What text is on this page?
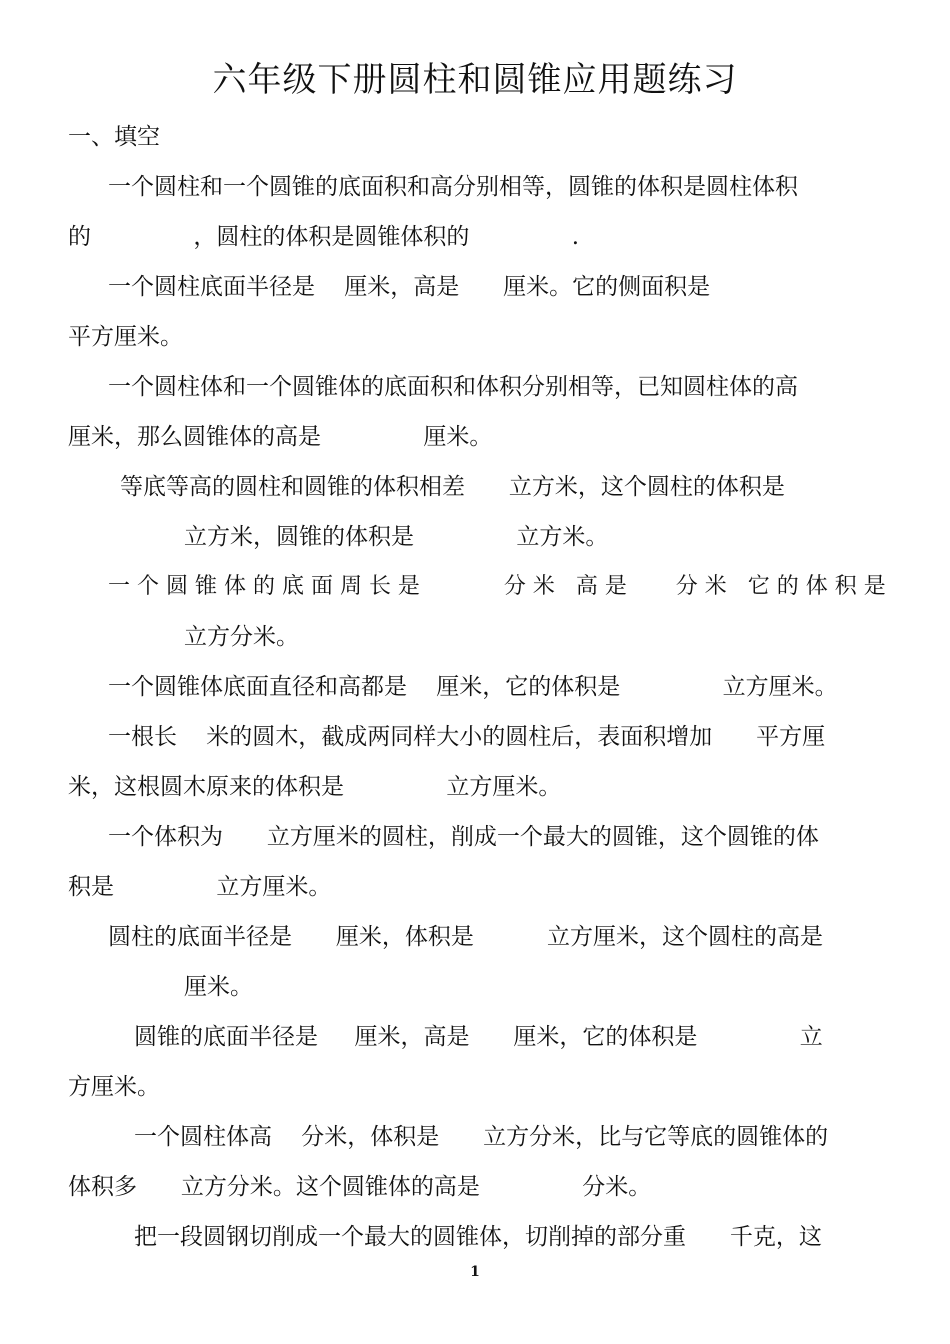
六年级下册圆柱和圆锥应用题练习
一、填空
一个圆柱和一个圆锥的底面积和高分别相等，圆锥的体积是圆柱体积
的              ，圆柱的体积是圆锥体积的              .
一个圆柱底面半径是    厘米，高是      厘米。它的侧面积是
平方厘米。
一个圆柱体和一个圆锥体的底面积和体积分别相等，已知圆柱体的高
厘米，那么圆锥体的高是              厘米。
等底等高的圆柱和圆锥的体积相差      立方米，这个圆柱的体积是
立方米，圆锥的体积是              立方米。
一 个 圆 锥 体 的 底 面 周 长 是            分 米   高 是       分 米   它 的 体 积 是
立方分米。
一个圆锥体底面直径和高都是    厘米，它的体积是              立方厘米。
一根长    米的圆木，截成两同样大小的圆柱后，表面积增加      平方厘
米，这根圆木原来的体积是              立方厘米。
一个体积为      立方厘米的圆柱，削成一个最大的圆锥，这个圆锥的体
积是              立方厘米。
圆柱的底面半径是      厘米，体积是          立方厘米，这个圆柱的高是
厘米。
圆锥的底面半径是     厘米，高是      厘米，它的体积是              立
方厘米。
一个圆柱体高    分米，体积是      立方分米，比与它等底的圆锥体的
体积多      立方分米。这个圆锥体的高是              分米。
把一段圆钢切削成一个最大的圆锥体，切削掉的部分重      千克，这
1
